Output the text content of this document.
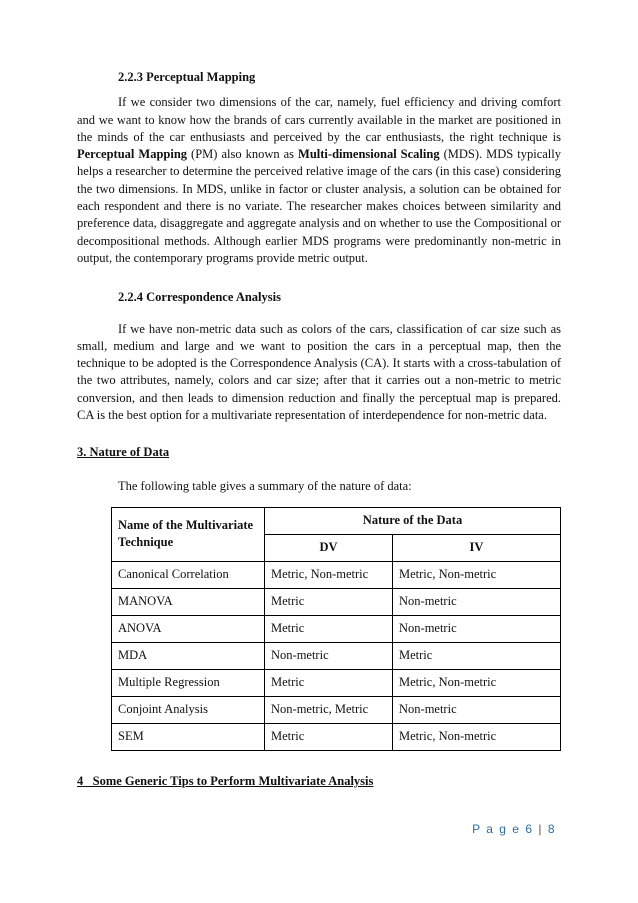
2.2.3 Perceptual Mapping

If we consider two dimensions of the car, namely, fuel efficiency and driving comfort and we want to know how the brands of cars currently available in the market are positioned in the minds of the car enthusiasts and perceived by the car enthusiasts, the right technique is Perceptual Mapping (PM) also known as Multi-dimensional Scaling (MDS). MDS typically helps a researcher to determine the perceived relative image of the cars (in this case) considering the two dimensions. In MDS, unlike in factor or cluster analysis, a solution can be obtained for each respondent and there is no variate. The researcher makes choices between similarity and preference data, disaggregate and aggregate analysis and on whether to use the Compositional or decompositional methods. Although earlier MDS programs were predominantly non-metric in output, the contemporary programs provide metric output.

2.2.4 Correspondence Analysis

If we have non-metric data such as colors of the cars, classification of car size such as small, medium and large and we want to position the cars in a perceptual map, then the technique to be adopted is the Correspondence Analysis (CA). It starts with a cross-tabulation of the two attributes, namely, colors and car size; after that it carries out a non-metric to metric conversion, and then leads to dimension reduction and finally the perceptual map is prepared. CA is the best option for a multivariate representation of interdependence for non-metric data.

3. Nature of Data

The following table gives a summary of the nature of data:

Name of the Multivariate Technique	Nature of the Data	
	DV	IV
Canonical Correlation	Metric, Non-metric	Metric, Non-metric
MANOVA	Metric	Non-metric
ANOVA	Metric	Non-metric
MDA	Non-metric	Metric
Multiple Regression	Metric	Metric, Non-metric
Conjoint Analysis	Non-metric, Metric	Non-metric
SEM	Metric	Metric, Non-metric

4   Some Generic Tips to Perform Multivariate Analysis

P a g e 6 | 8
